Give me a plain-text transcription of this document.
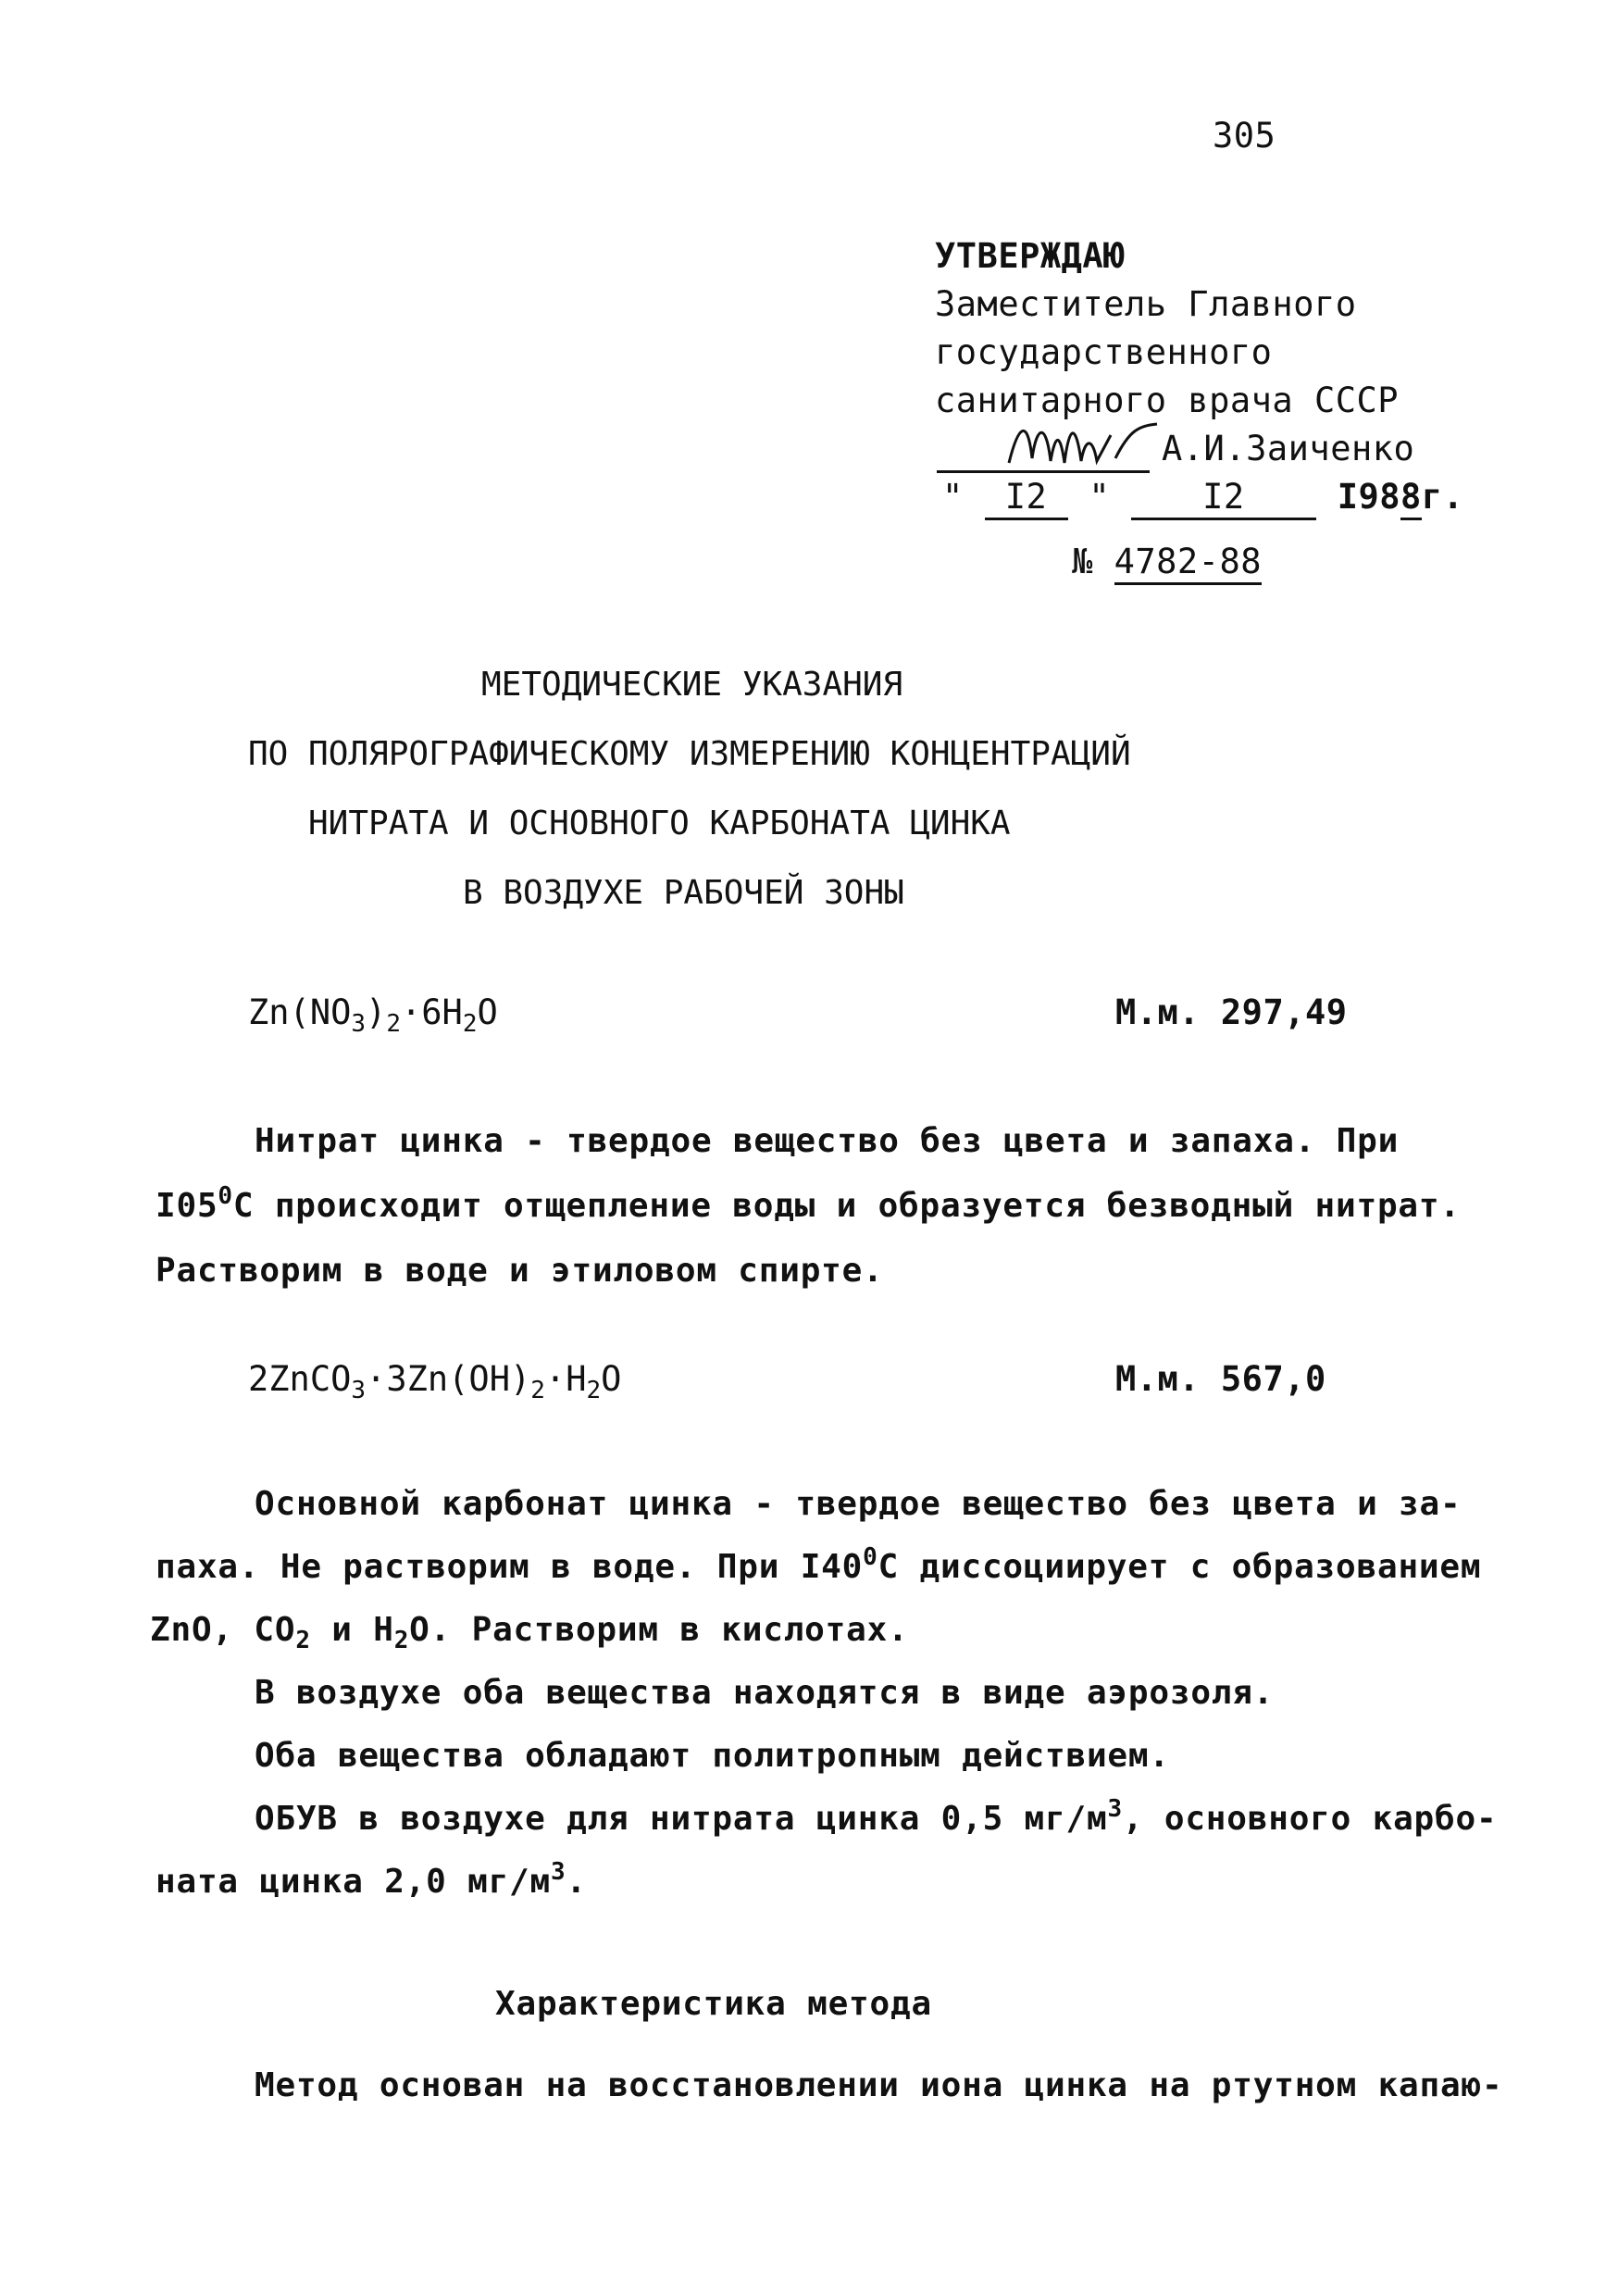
305
УТВЕРЖДАЮ
Заместитель Главного
государственного
санитарного врача СССР
А.И.Заиченко
" I2 "	I2	I988г.
№ 4782-88
МЕТОДИЧЕСКИЕ УКАЗАНИЯ
ПО ПОЛЯРОГРАФИЧЕСКОМУ ИЗМЕРЕНИЮ КОНЦЕНТРАЦИЙ
НИТРАТА И ОСНОВНОГО КАРБОНАТА ЦИНКА
В ВОЗДУХЕ РАБОЧЕЙ ЗОНЫ
$Zn(NO_3)_2\cdot 6H_2O$	М.м. 297,49
Нитрат цинка - твердое вещество без цвета и запаха. При
$I05^0С$ происходит отщепление воды и образуется безводный нитрат.
Растворим в воде и этиловом спирте.
$2ZnCO_3\cdot 3Zn(OH)_2\cdot H_2O$	М.м. 567,0
Основной карбонат цинка - твердое вещество без цвета и за-
паха. Не растворим в воде. При $I40^0С$ диссоциирует с образованием
ZnO, $CO_2$ и $H_2O$. Растворим в кислотах.
В воздухе оба вещества находятся в виде аэрозоля.
Оба вещества обладают политропным действием.
ОБУВ в воздухе для нитрата цинка 0,5 $мг/м^3$, основного карбо-
ната цинка 2,0 $мг/м^3$.
Характеристика метода
Метод основан на восстановлении иона цинка на ртутном капаю-
